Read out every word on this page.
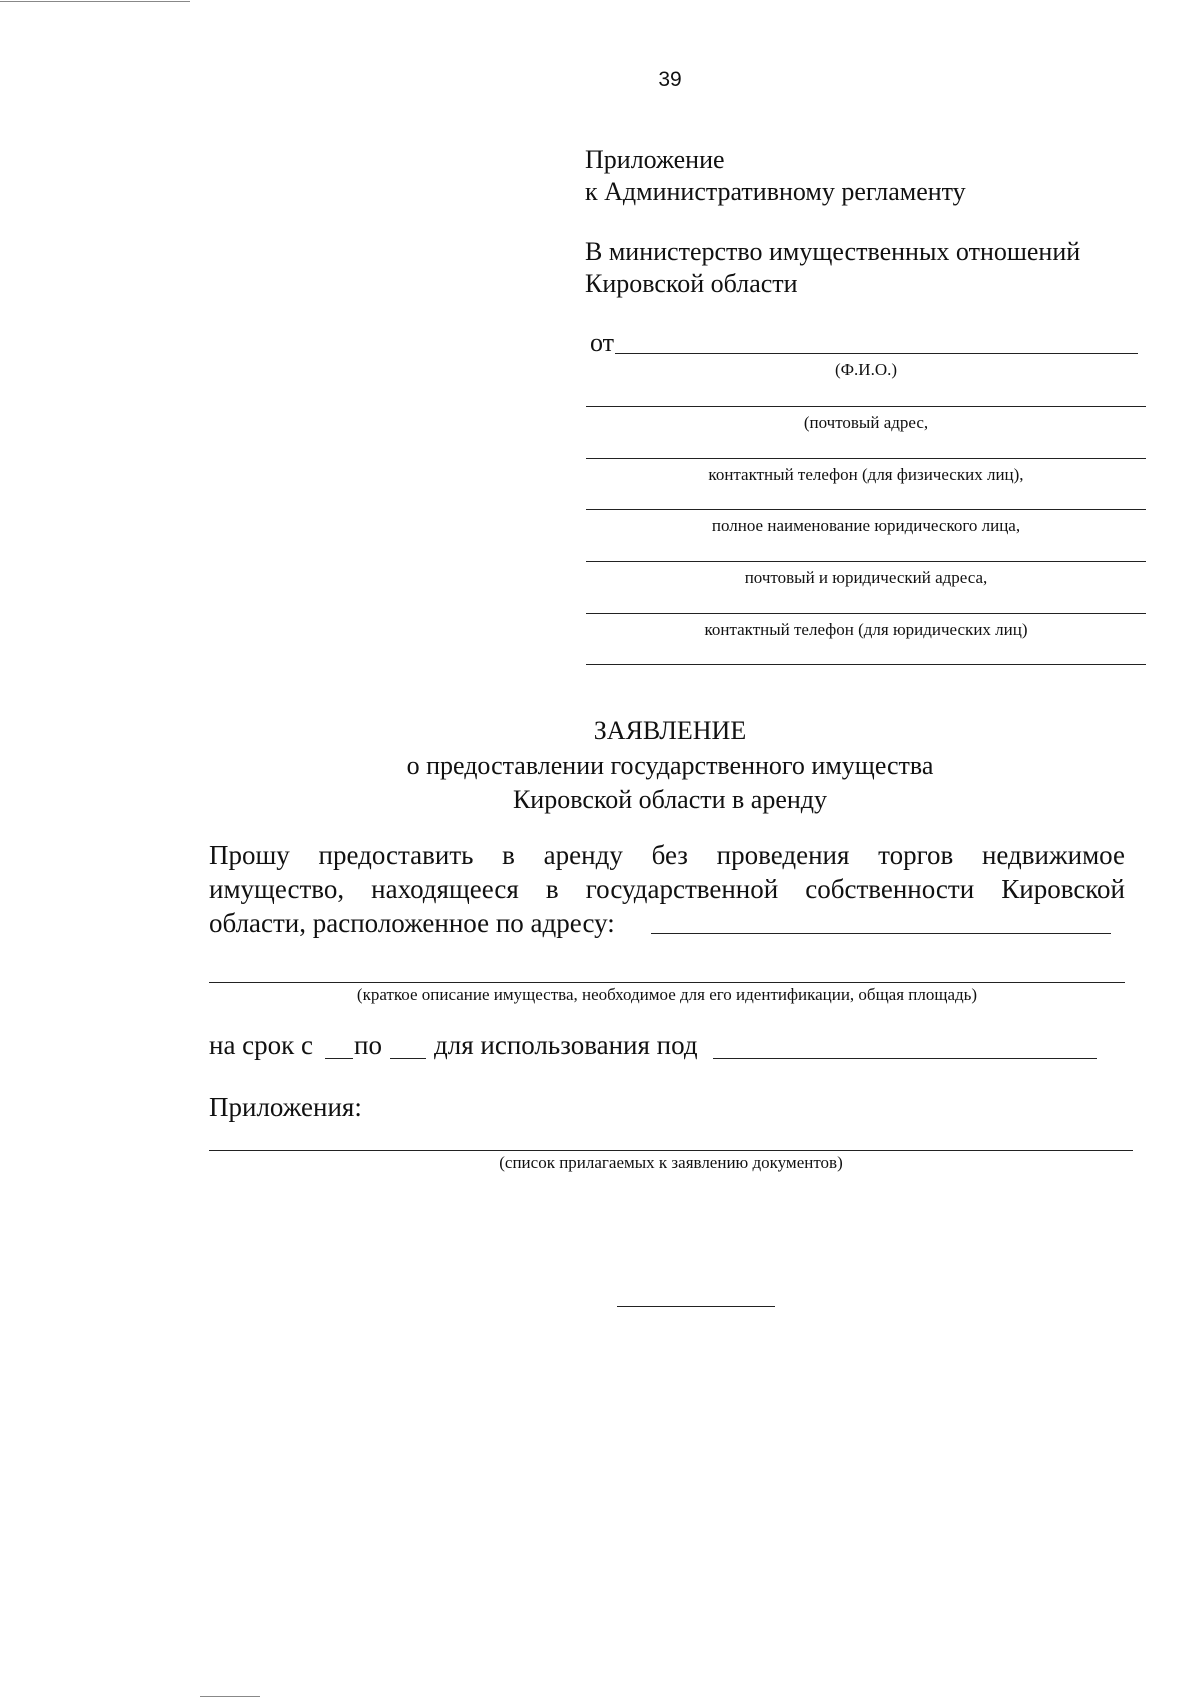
39
Приложение
к Административному регламенту
В министерство имущественных отношений
Кировской области
от
(Ф.И.О.)
(почтовый адрес,
контактный телефон (для физических лиц),
полное наименование юридического лица,
почтовый и юридический адреса,
контактный телефон (для юридических лиц)
ЗАЯВЛЕНИЕ
о предоставлении государственного имущества
Кировской области в аренду
Прошу предоставить в аренду без проведения торгов недвижимое
имущество, находящееся в государственной собственности Кировской
области, расположенное по адресу:
(краткое описание имущества, необходимое для его идентификации, общая площадь)
на срок с по для использования под
Приложения:
(список прилагаемых к заявлению документов)
